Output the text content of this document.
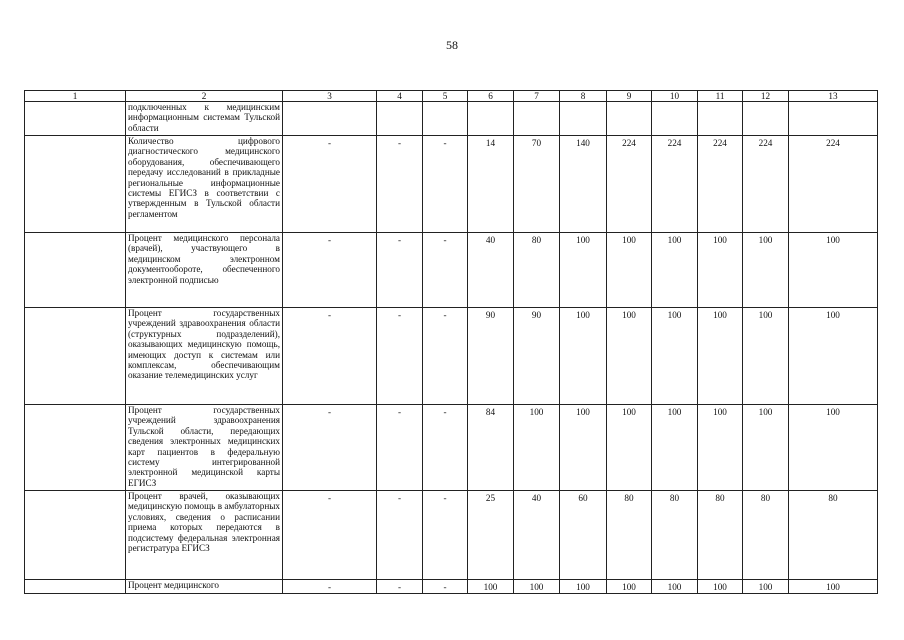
58
1	2	3	4	5	6	7	8	9	10	11	12	13
	подключенных к медицинским информационным системам Тульской области											
	Количество цифрового диагностического медицинского оборудования, обеспечивающего передачу исследований в прикладные региональные информационные системы ЕГИСЗ в соответствии с утвержденным в Тульской области регламентом	-	-	-	14	70	140	224	224	224	224	224
	Процент медицинского персонала (врачей), участвующего в медицинском электронном документообороте, обеспеченного электронной подписью	-	-	-	40	80	100	100	100	100	100	100
	Процент государственных учреждений здравоохранения области (структурных подразделений), оказывающих медицинскую помощь, имеющих доступ к системам или комплексам, обеспечивающим оказание телемедицинских услуг	-	-	-	90	90	100	100	100	100	100	100
	Процент государственных учреждений здравоохранения Тульской области, передающих сведения электронных медицинских карт пациентов в федеральную систему интегрированной электронной медицинской карты ЕГИСЗ	-	-	-	84	100	100	100	100	100	100	100
	Процент врачей, оказывающих медицинскую помощь в амбулаторных условиях, сведения о расписании приема которых передаются в подсистему федеральная электронная регистратура ЕГИСЗ	-	-	-	25	40	60	80	80	80	80	80
	Процент медицинского	-	-	-	100	100	100	100	100	100	100	100
